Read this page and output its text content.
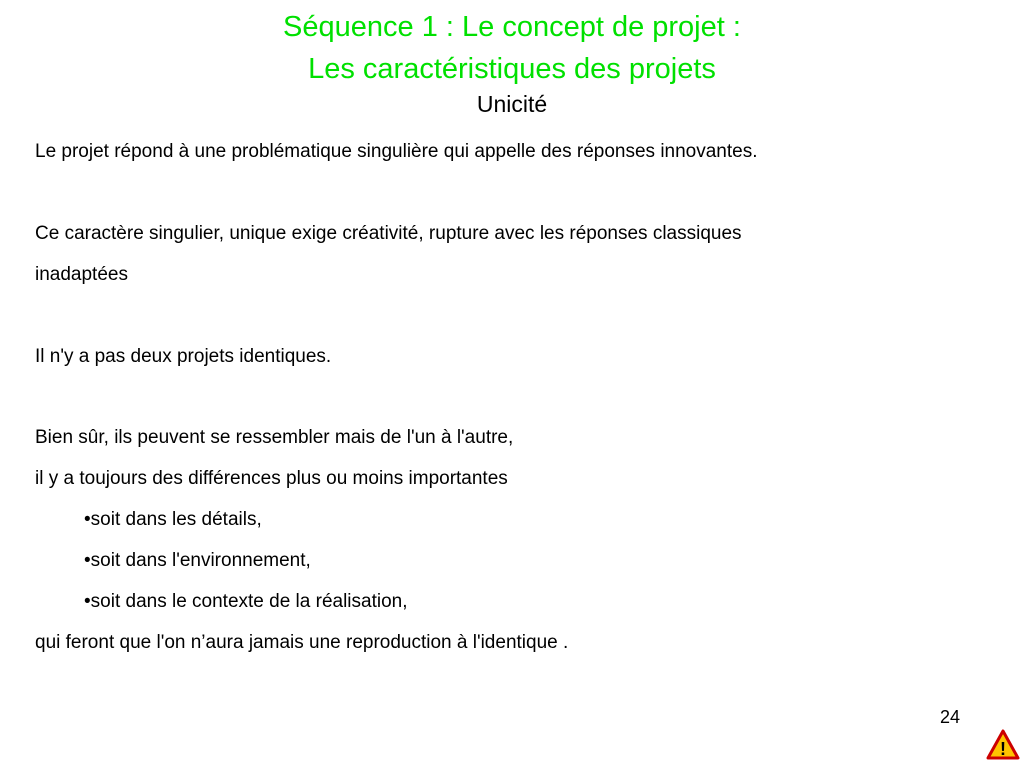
Séquence 1 : Le concept de projet :
Les caractéristiques des projets
Unicité
Le projet répond à une problématique singulière qui appelle des réponses innovantes.
Ce caractère singulier, unique exige créativité, rupture avec les réponses classiques
inadaptées
Il n'y a pas deux projets identiques.
Bien sûr, ils peuvent se ressembler mais de l'un à l'autre,
il y a toujours des différences plus ou moins importantes
•soit dans les détails,
•soit dans l'environnement,
•soit dans le contexte de la réalisation,
qui feront que l'on n’aura jamais une reproduction à l'identique .
24
!
